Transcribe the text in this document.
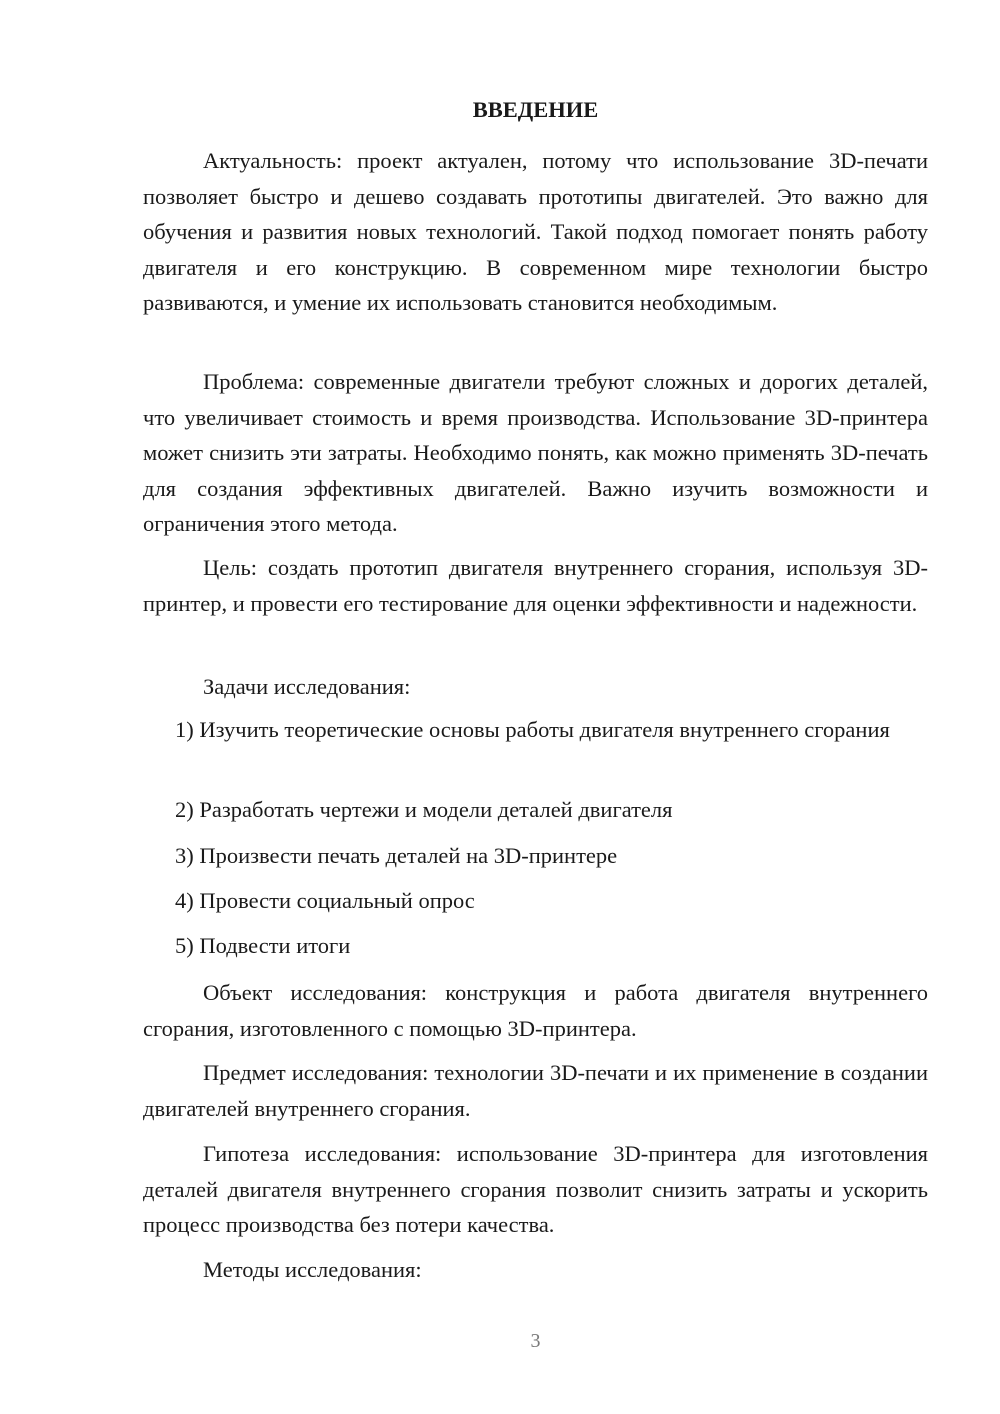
ВВЕДЕНИЕ

Актуальность: проект актуален, потому что использование 3D-печати позволяет быстро и дешево создавать прототипы двигателей. Это важно для обучения и развития новых технологий. Такой подход помогает понять работу двигателя и его конструкцию. В современном мире технологии быстро развиваются, и умение их использовать становится необходимым.

Проблема: современные двигатели требуют сложных и дорогих деталей, что увеличивает стоимость и время производства. Использование 3D-принтера может снизить эти затраты. Необходимо понять, как можно применять 3D-печать для создания эффективных двигателей. Важно изучить возможности и ограничения этого метода.

Цель: создать прототип двигателя внутреннего сгорания, используя 3D-принтер, и провести его тестирование для оценки эффективности и надежности.

Задачи исследования:

1) Изучить теоретические основы работы двигателя внутреннего сгорания

2) Разработать чертежи и модели деталей двигателя

3) Произвести печать деталей на 3D-принтере

4) Провести социальный опрос

5) Подвести итоги

Объект исследования: конструкция и работа двигателя внутреннего сгорания, изготовленного с помощью 3D-принтера.

Предмет исследования: технологии 3D-печати и их применение в создании двигателей внутреннего сгорания.

Гипотеза исследования: использование 3D-принтера для изготовления деталей двигателя внутреннего сгорания позволит снизить затраты и ускорить процесс производства без потери качества.

Методы исследования:

3
